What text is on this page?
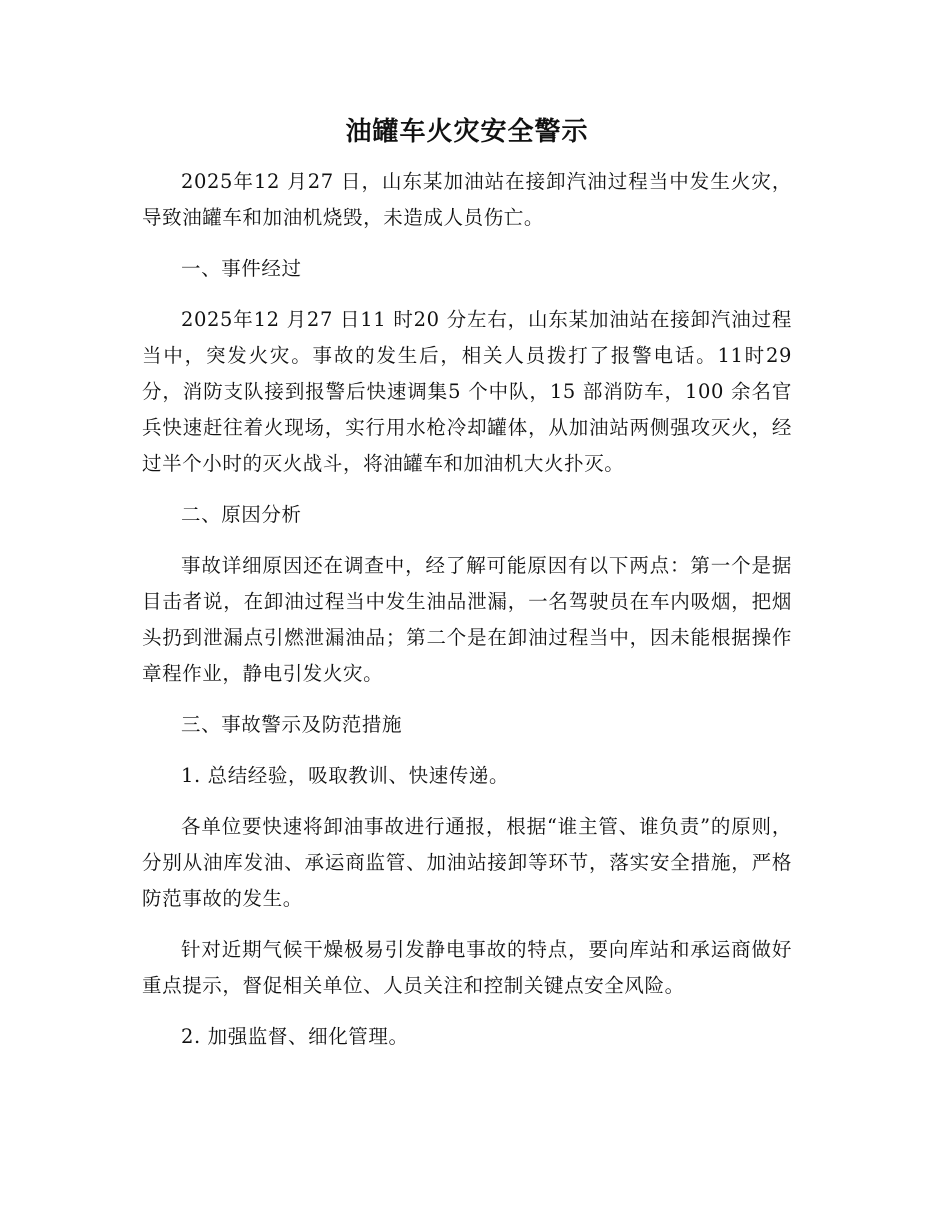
油罐车火灾安全警示

2025年12 月27 日，山东某加油站在接卸汽油过程当中发生火灾，导致油罐车和加油机烧毁，未造成人员伤亡。

一、事件经过

2025年12 月27 日11 时20 分左右，山东某加油站在接卸汽油过程当中，突发火灾。事故的发生后，相关人员拨打了报警电话。11时29 分，消防支队接到报警后快速调集5 个中队，15 部消防车，100 余名官兵快速赶往着火现场，实行用水枪冷却罐体，从加油站两侧强攻灭火，经过半个小时的灭火战斗，将油罐车和加油机大火扑灭。

二、原因分析

事故详细原因还在调查中，经了解可能原因有以下两点：第一个是据目击者说，在卸油过程当中发生油品泄漏，一名驾驶员在车内吸烟，把烟头扔到泄漏点引燃泄漏油品；第二个是在卸油过程当中，因未能根据操作章程作业，静电引发火灾。

三、事故警示及防范措施

1. 总结经验，吸取教训、快速传递。

各单位要快速将卸油事故进行通报，根据“谁主管、谁负责”的原则，分别从油库发油、承运商监管、加油站接卸等环节，落实安全措施，严格防范事故的发生。

针对近期气候干燥极易引发静电事故的特点，要向库站和承运商做好重点提示，督促相关单位、人员关注和控制关键点安全风险。

2. 加强监督、细化管理。
